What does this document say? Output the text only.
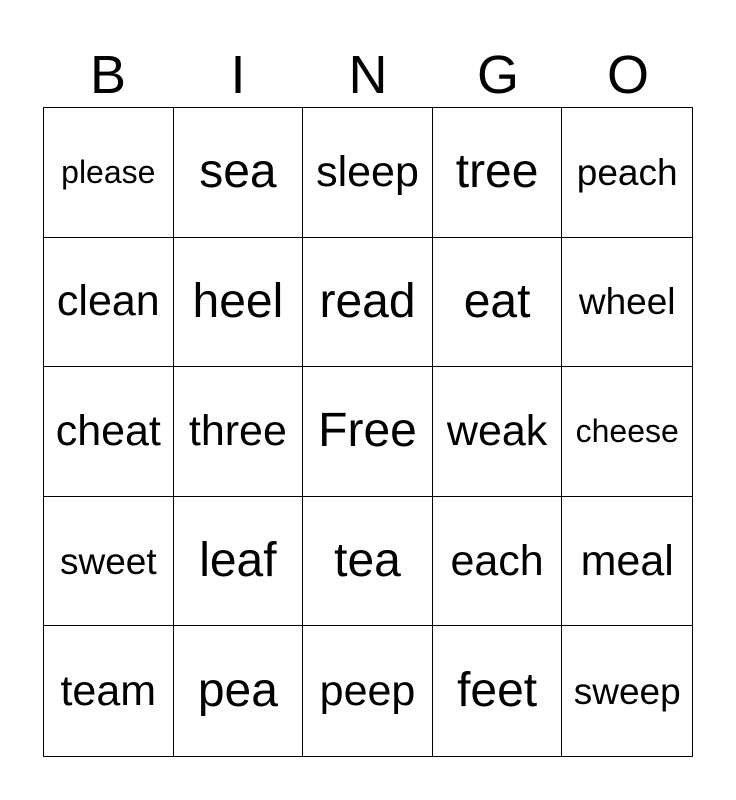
B	I	N	G	O
please sea sleep tree	peach
clean heel read	eat	wheel
cheat three Free weak cheese
sweet leaf	tea	each meal
team pea peep feet sweep
